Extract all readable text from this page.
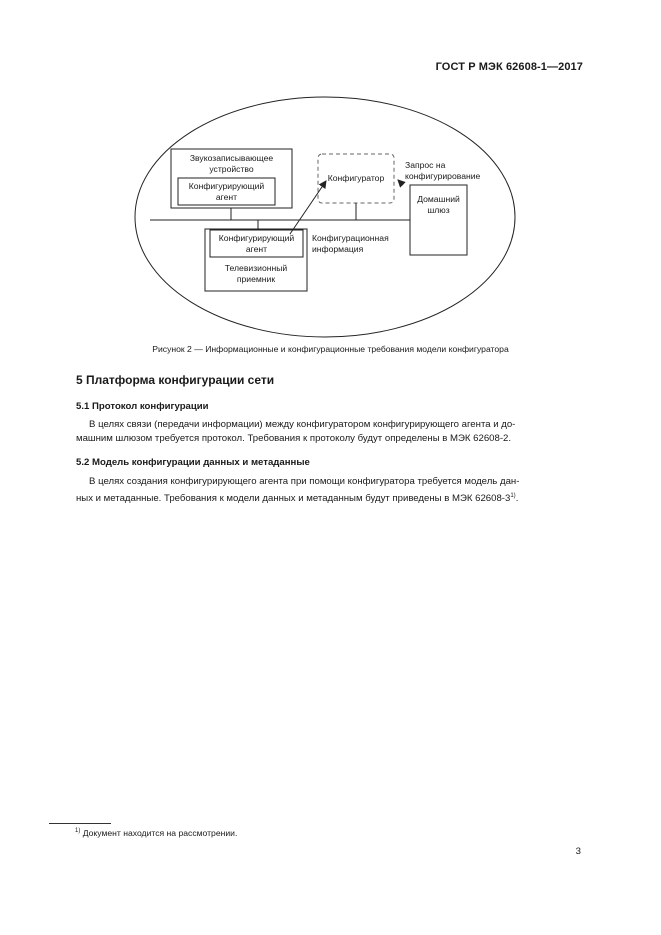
ГОСТ Р МЭК 62608-1—2017
Звукозаписывающее
устройство
Конфигурирующий
агент
Конфигуратор
Запрос на
конфигурирование
Домашний
шлюз
Конфигурирующий
агент
Конфигурационная
информация
Телевизионный
приемник
Рисунок 2 — Информационные и конфигурационные требования модели конфигуратора
5 Платформа конфигурации сети
5.1 Протокол конфигурации
В целях связи (передачи информации) между конфигуратором конфигурирующего агента и до-
машним шлюзом требуется протокол. Требования к протоколу будут определены в МЭК 62608-2.
5.2 Модель конфигурации данных и метаданные
В целях создания конфигурирующего агента при помощи конфигуратора требуется модель дан-
ных и метаданные. Требования к модели данных и метаданным будут приведены в МЭК 62608-3$^{1)}$.
$^{1)}$ Документ находится на рассмотрении.
3
